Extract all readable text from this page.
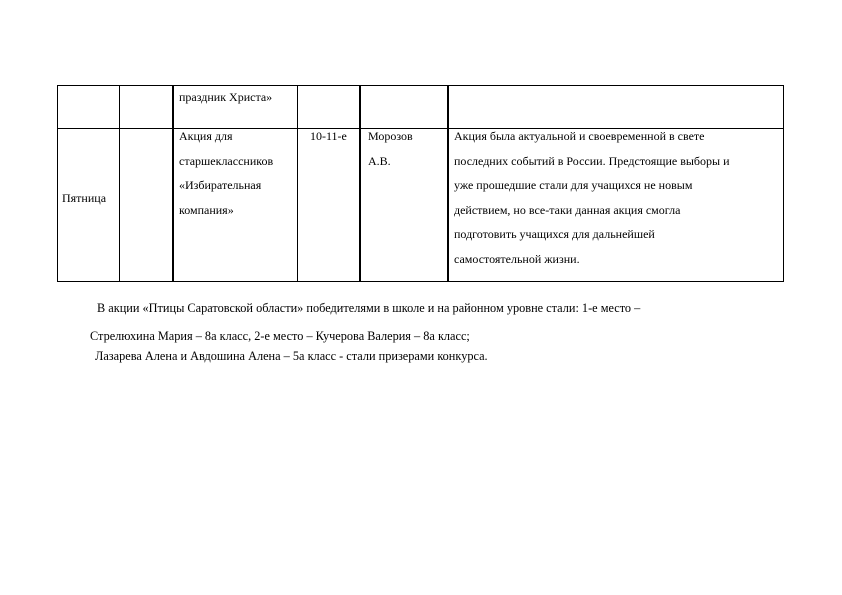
праздник Христа»
Пятница
Акция для
старшеклассников
«Избирательная
компания»
10-11-е Морозов
А.В.
Акция была актуальной и своевременной в свете
последних событий в России. Предстоящие выборы и
уже прошедшие стали для учащихся не новым
действием, но все-таки данная акция смогла
подготовить учащихся для дальнейшей
самостоятельной жизни.
В акции «Птицы Саратовской области» победителями в школе и на районном уровне стали: 1-е место –
Стрелюхина Мария – 8а класс, 2-е место – Кучерова Валерия – 8а класс;
Лазарева Алена и Авдошина Алена – 5а класс - стали призерами конкурса.
